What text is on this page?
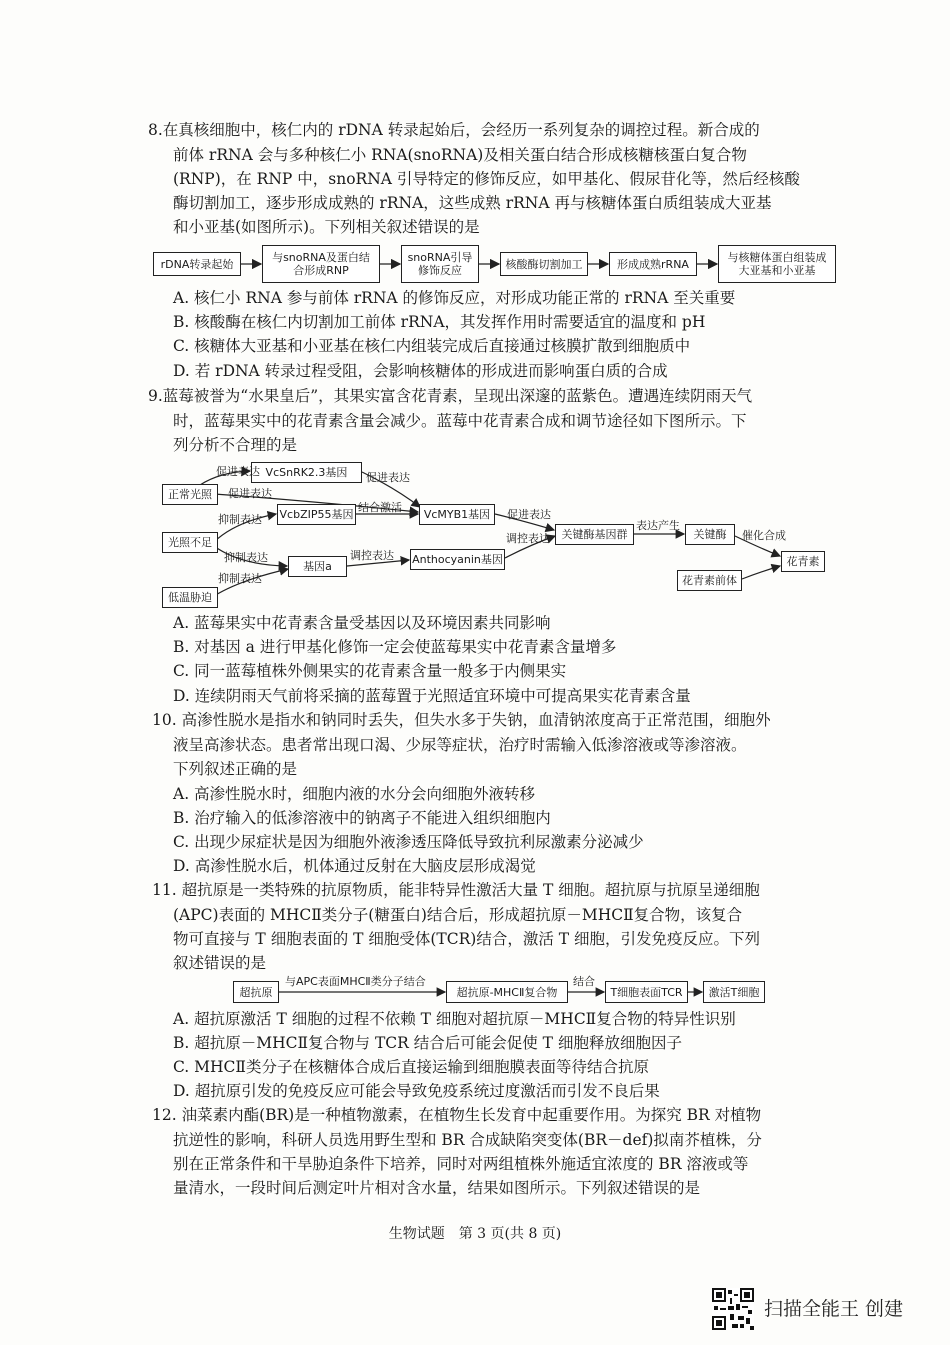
8.在真核细胞中，核仁内的 rDNA 转录起始后，会经历一系列复杂的调控过程。新合成的
前体 rRNA 会与多种核仁小 RNA(snoRNA)及相关蛋白结合形成核糖核蛋白复合物
(RNP)，在 RNP 中，snoRNA 引导特定的修饰反应，如甲基化、假尿苷化等，然后经核酸
酶切割加工，逐步形成成熟的 rRNA，这些成熟 rRNA 再与核糖体蛋白质组装成大亚基
和小亚基(如图所示)。下列相关叙述错误的是
rDNA转录起始	与snoRNA及蛋白结合形成RNP
snoRNA引导修饰反应	核酸酶切割加工	形成成熟rRNA	与核糖体蛋白组装成大亚基和小亚基
A. 核仁小 RNA 参与前体 rRNA 的修饰反应，对形成功能正常的 rRNA 至关重要
B. 核酸酶在核仁内切割加工前体 rRNA，其发挥作用时需要适宜的温度和 pH
C. 核糖体大亚基和小亚基在核仁内组装完成后直接通过核膜扩散到细胞质中
D. 若 rDNA 转录过程受阻，会影响核糖体的形成进而影响蛋白质的合成
9.蓝莓被誉为“水果皇后”，其果实富含花青素，呈现出深邃的蓝紫色。遭遇连续阴雨天气
时，蓝莓果实中的花青素含量会减少。蓝莓中花青素合成和调节途径如下图所示。下
列分析不合理的是
正常光照
光照不足
低温胁迫
VcSnRK2.3基因
VcbZIP55基因	VcMYB1基因
基因a
Anthocyanin基因
关键酶基因群	关键酶
花青素前体
花青素
促进表达
促进表达
促进表达
抑制表达
结合激活
促进表达
调控表达
抑制表达	调控表达
抑制表达
表达产生
催化合成
A. 蓝莓果实中花青素含量受基因以及环境因素共同影响
B. 对基因 a 进行甲基化修饰一定会使蓝莓果实中花青素含量增多
C. 同一蓝莓植株外侧果实的花青素含量一般多于内侧果实
D. 连续阴雨天气前将采摘的蓝莓置于光照适宜环境中可提高果实花青素含量
10. 高渗性脱水是指水和钠同时丢失，但失水多于失钠，血清钠浓度高于正常范围，细胞外
液呈高渗状态。患者常出现口渴、少尿等症状，治疗时需输入低渗溶液或等渗溶液。
下列叙述正确的是
A. 高渗性脱水时，细胞内液的水分会向细胞外液转移
B. 治疗输入的低渗溶液中的钠离子不能进入组织细胞内
C. 出现少尿症状是因为细胞外液渗透压降低导致抗利尿激素分泌减少
D. 高渗性脱水后，机体通过反射在大脑皮层形成渴觉
11. 超抗原是一类特殊的抗原物质，能非特异性激活大量 T 细胞。超抗原与抗原呈递细胞
(APC)表面的 MHCⅡ类分子(糖蛋白)结合后，形成超抗原－MHCⅡ复合物，该复合
物可直接与 T 细胞表面的 T 细胞受体(TCR)结合，激活 T 细胞，引发免疫反应。下列
叙述错误的是
超抗原	超抗原-MHCⅡ复合物	T细胞表面TCR	激活T细胞
与APC表面MHCⅡ类分子结合	结合
A. 超抗原激活 T 细胞的过程不依赖 T 细胞对超抗原－MHCⅡ复合物的特异性识别
B. 超抗原－MHCⅡ复合物与 TCR 结合后可能会促使 T 细胞释放细胞因子
C. MHCⅡ类分子在核糖体合成后直接运输到细胞膜表面等待结合抗原
D. 超抗原引发的免疫反应可能会导致免疫系统过度激活而引发不良后果
12. 油菜素内酯(BR)是一种植物激素，在植物生长发育中起重要作用。为探究 BR 对植物
抗逆性的影响，科研人员选用野生型和 BR 合成缺陷突变体(BR－def)拟南芥植株，分
别在正常条件和干旱胁迫条件下培养，同时对两组植株外施适宜浓度的 BR 溶液或等
量清水，一段时间后测定叶片相对含水量，结果如图所示。下列叙述错误的是
生物试题　第 3 页(共 8 页)
扫描全能王 创建
